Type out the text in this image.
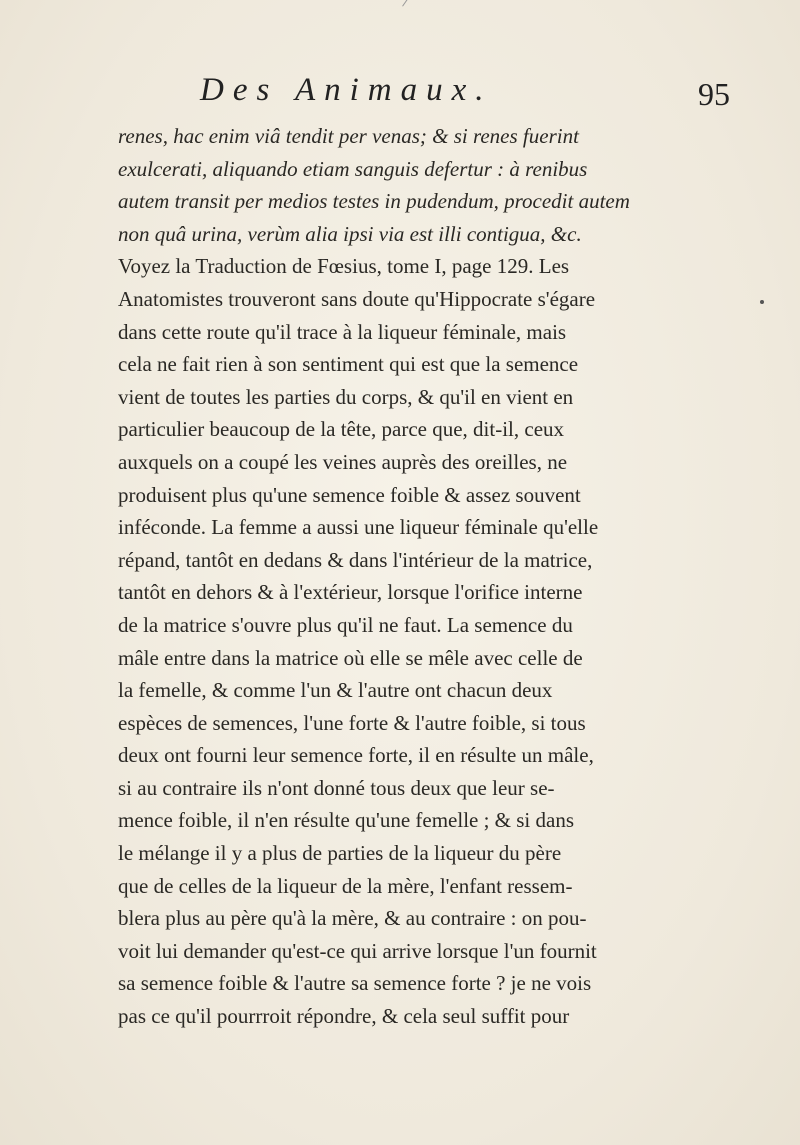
Des Animaux.	95
renes, hac enim viâ tendit per venas; & si renes fuerint
exulcerati, aliquando etiam sanguis defertur : à renibus
autem transit per medios testes in pudendum, procedit autem
non quâ urina, verùm alia ipsi via est illi contigua, &c.
Voyez la Traduction de Fœsius, tome I, page 129. Les
Anatomistes trouveront sans doute qu'Hippocrate s'égare
dans cette route qu'il trace à la liqueur féminale, mais
cela ne fait rien à son sentiment qui est que la semence
vient de toutes les parties du corps, & qu'il en vient en
particulier beaucoup de la tête, parce que, dit-il, ceux
auxquels on a coupé les veines auprès des oreilles, ne
produisent plus qu'une semence foible & assez souvent
inféconde. La femme a aussi une liqueur féminale qu'elle
répand, tantôt en dedans & dans l'intérieur de la matrice,
tantôt en dehors & à l'extérieur, lorsque l'orifice interne
de la matrice s'ouvre plus qu'il ne faut. La semence du
mâle entre dans la matrice où elle se mêle avec celle de
la femelle, & comme l'un & l'autre ont chacun deux
espèces de semences, l'une forte & l'autre foible, si tous
deux ont fourni leur semence forte, il en résulte un mâle,
si au contraire ils n'ont donné tous deux que leur se-
mence foible, il n'en résulte qu'une femelle ; & si dans
le mélange il y a plus de parties de la liqueur du père
que de celles de la liqueur de la mère, l'enfant ressem-
blera plus au père qu'à la mère, & au contraire : on pou-
voit lui demander qu'est-ce qui arrive lorsque l'un fournit
sa semence foible & l'autre sa semence forte ? je ne vois
pas ce qu'il pourrroit répondre, & cela seul suffit pour
